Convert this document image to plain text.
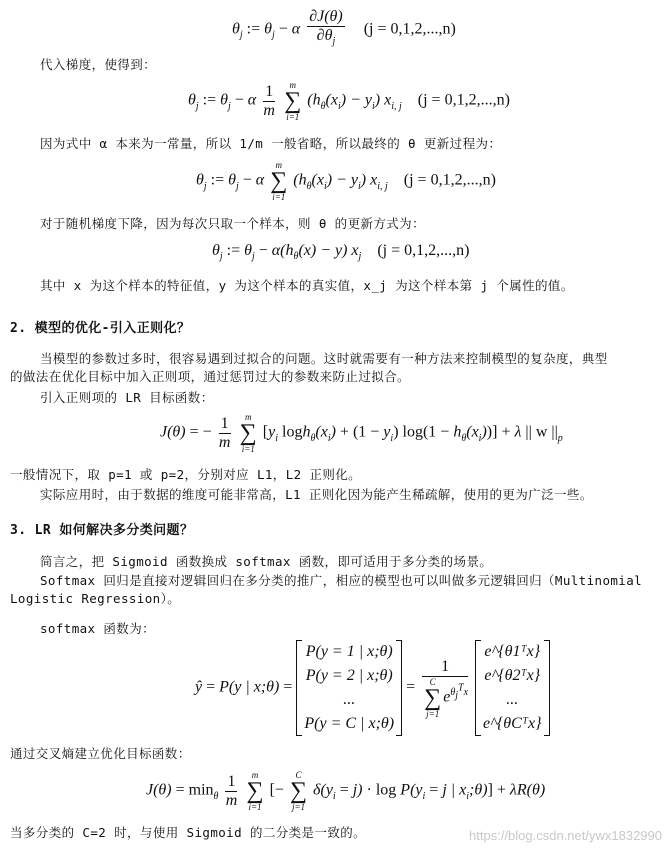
$\theta_j$ := $\theta_j - \alpha \frac{\partial J(\theta)}{\partial\theta_j} (j = 0,1,2,...,n)$
代入梯度，使得到：
$\theta_j$ := $\theta_j - \alpha \frac{1}{m}$
	m
∑
i=1
$(h_\theta(x_i) - y_i)$ $x_{i, j}$ (j = 0,1,2,...,n)
因为式中 α 本来为一常量，所以 1/m 一般省略，所以最终的 θ 更新过程为：
$\theta_j$ := $\theta_j - \alpha$
m
∑
i=1
$(h_\theta(x_i) - y_i)$ $x_{i, j}$ (j = 0,1,2,...,n)
对于随机梯度下降，因为每次只取一个样本，则 θ 的更新方式为：
$\theta_j$ := $\theta_j - \alpha(h_\theta(x) - y)$ $x_j$ (j = 0,1,2,...,n)
其中 x 为这个样本的特征值，y 为这个样本的真实值，x_j 为这个样本第 j 个属性的值。
2. 模型的优化-引入正则化？
当模型的参数过多时，很容易遇到过拟合的问题。这时就需要有一种方法来控制模型的复杂度，典型
的做法在优化目标中加入正则项，通过惩罚过大的参数来防止过拟合。
引入正则项的 LR 目标函数：
J(θ) = − $\frac{1}{m}$
	m
∑
i=1
[$y_i$ $\log h_\theta(x_i) + (1 - y_i) \log(1 - h_\theta(x_i))] + \lambda$ || w $||_p$
一般情况下，取 p=1 或 p=2，分别对应 L1，L2 正则化。
实际应用时，由于数据的维度可能非常高，L1 正则化因为能产生稀疏解，使用的更为广泛一些。
3. LR 如何解决多分类问题？
简言之，把 Sigmoid 函数换成 softmax 函数，即可适用于多分类的场景。
Softmax 回归是直接对逻辑回归在多分类的推广，相应的模型也可以叫做多元逻辑回归（Multinomial
Logistic Regression）。
softmax 函数为：
ŷ = P(y | x;θ) =
P(y = 1 | x;θ)
P(y = 2 | x;θ)
...
P(y = C | x;θ)
= 1
C
∑
j=1
$e^{\theta_j^Tx}$

e^{θ1ᵀx}
e^{θ2ᵀx}
...
e^{θCᵀx}
通过交叉熵建立优化目标函数：
$J(\theta) = \min_\theta \frac{1}{m}$
	m
∑
i=1
[−
C
∑
j=1
$\delta(y_i = j) \cdot \log P(y_i = j$ | $x_i;\theta)] + \lambda R(\theta)$
当多分类的 C=2 时，与使用 Sigmoid 的二分类是一致的。	https://blog.csdn.net/ywx1832990
